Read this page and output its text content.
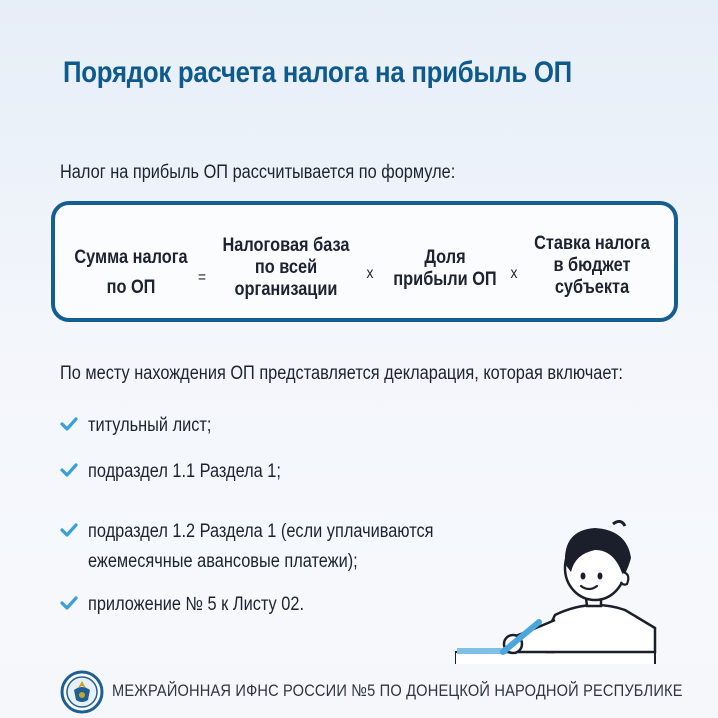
Порядок расчета налога на прибыль ОП
Налог на прибыль ОП рассчитывается по формуле:
Сумма налога
по ОП	=
Налоговая база
по всей
организации
x
Доля
прибыли ОП x
Ставка налога
в бюджет
субъекта
По месту нахождения ОП представляется декларация, которая включает:
титульный лист;
подраздел 1.1 Раздела 1;
подраздел 1.2 Раздела 1 (если уплачиваются
ежемесячные авансовые платежи);
приложение № 5 к Листу 02.
МЕЖРАЙОННАЯ ИФНС РОССИИ №5 ПО ДОНЕЦКОЙ НАРОДНОЙ РЕСПУБЛИКЕ
